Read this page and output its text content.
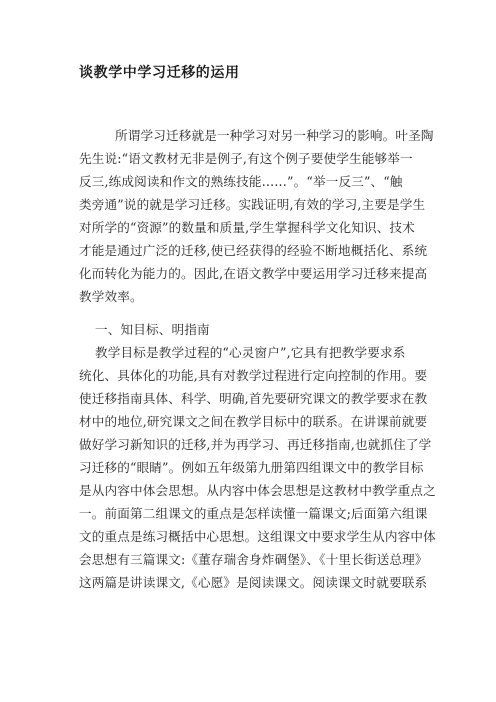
谈教学中学习迁移的运用
所谓学习迁移就是一种学习对另一种学习的影响。叶圣陶
先生说:“语文教材无非是例子,有这个例子要使学生能够举一
反三,练成阅读和作文的熟练技能……”。“举一反三”、“触
类旁通”说的就是学习迁移。实践证明,有效的学习,主要是学生
对所学的“资源”的数量和质量,学生掌握科学文化知识、技术
才能是通过广泛的迁移,使已经获得的经验不断地概括化、系统
化而转化为能力的。因此,在语文教学中要运用学习迁移来提高
教学效率。
一、知目标、明指南
教学目标是教学过程的“心灵窗户”,它具有把教学要求系
统化、具体化的功能,具有对教学过程进行定向控制的作用。要
使迁移指南具体、科学、明确,首先要研究课文的教学要求在教
材中的地位,研究课文之间在教学目标中的联系。在讲课前就要
做好学习新知识的迁移,并为再学习、再迁移指南,也就抓住了学
习迁移的“眼睛”。例如五年级第九册第四组课文中的教学目标
是从内容中体会思想。从内容中体会思想是这教材中教学重点之
一。前面第二组课文的重点是怎样读懂一篇课文;后面第六组课
文的重点是练习概括中心思想。这组课文中要求学生从内容中体
会思想有三篇课文:《董存瑞舍身炸碉堡》、《十里长街送总理》
这两篇是讲读课文,《心愿》是阅读课文。阅读课文时就要联系
